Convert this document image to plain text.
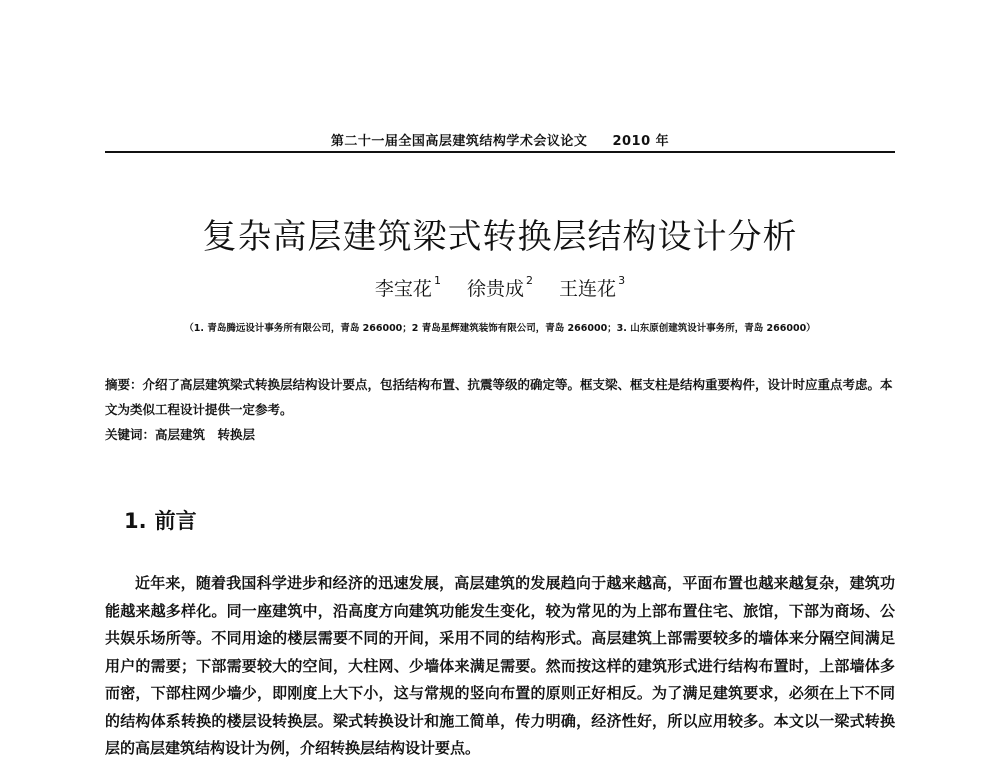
第二十一届全国高层建筑结构学术会议论文 2010 年
复杂高层建筑梁式转换层结构设计分析
李宝花 $^1$ 徐贵成 $^2$ 王连花 $^3$
（1. 青岛腾远设计事务所有限公司，青岛 266000；2 青岛星辉建筑装饰有限公司，青岛 266000；3. 山东原创建筑设计事务所，青岛 266000）

摘要：介绍了高层建筑梁式转换层结构设计要点，包括结构布置、抗震等级的确定等。框支梁、框支柱是结构重要构件，设计时应重点考虑。本文为类似工程设计提供一定参考。

关键词：高层建筑　转换层

1. 前言

近年来，随着我国科学进步和经济的迅速发展，高层建筑的发展趋向于越来越高，平面布置也越来越复杂，建筑功能越来越多样化。同一座建筑中，沿高度方向建筑功能发生变化，较为常见的为上部布置住宅、旅馆，下部为商场、公共娱乐场所等。不同用途的楼层需要不同的开间，采用不同的结构形式。高层建筑上部需要较多的墙体来分隔空间满足用户的需要；下部需要较大的空间，大柱网、少墙体来满足需要。然而按这样的建筑形式进行结构布置时，上部墙体多而密，下部柱网少墙少，即刚度上大下小，这与常规的竖向布置的原则正好相反。为了满足建筑要求，必须在上下不同的结构体系转换的楼层设转换层。梁式转换设计和施工简单，传力明确，经济性好，所以应用较多。本文以一梁式转换层的高层建筑结构设计为例，介绍转换层结构设计要点。
